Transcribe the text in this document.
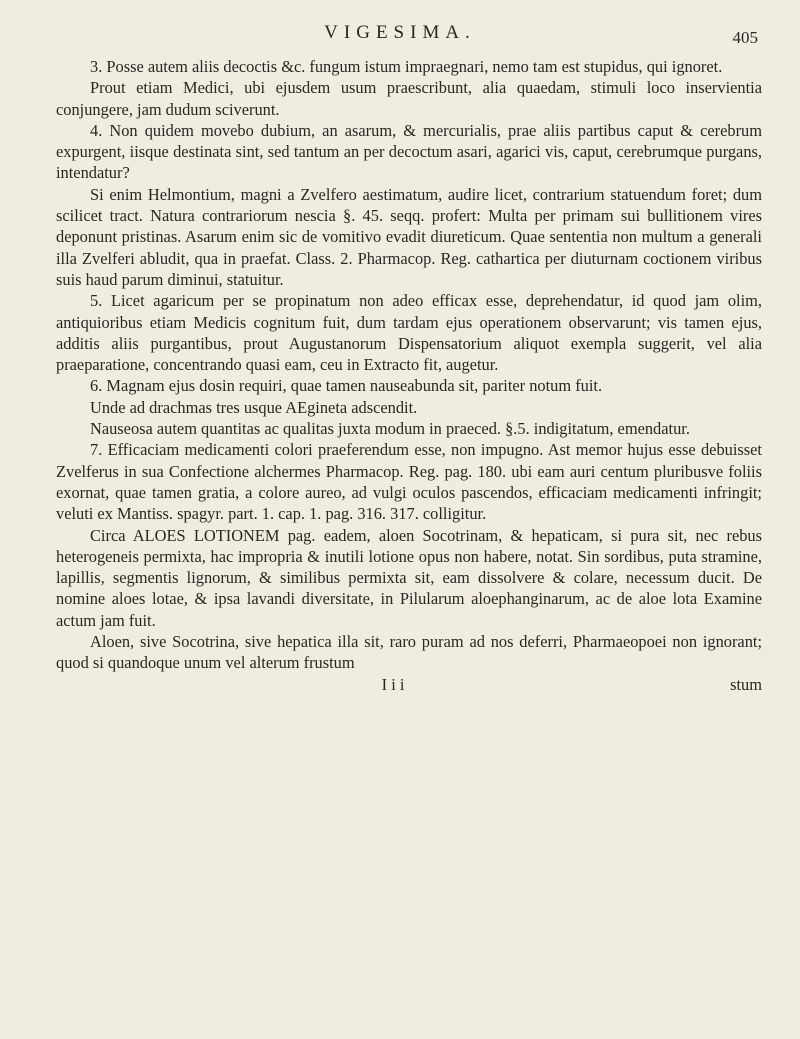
VIGESIMA.	405

3. Posse autem aliis decoctis &c. fungum istum impraegnari, nemo tam est stupidus, qui ignoret.

Prout etiam Medici, ubi ejusdem usum praescribunt, alia quaedam, stimuli loco inservientia conjungere, jam dudum sciverunt.

4. Non quidem movebo dubium, an asarum, & mercurialis, prae aliis partibus caput & cerebrum expurgent, iisque destinata sint, sed tantum an per decoctum asari, agarici vis, caput, cerebrumque purgans, intendatur?

Si enim Helmontium, magni a Zvelfero aestimatum, audire licet, contrarium statuendum foret; dum scilicet tract. Natura contrariorum nescia §. 45. seqq. profert: Multa per primam sui bullitionem vires deponunt pristinas. Asarum enim sic de vomitivo evadit diureticum. Quae sententia non multum a generali illa Zvelferi abludit, qua in praefat. Class. 2. Pharmacop. Reg. cathartica per diuturnam coctionem viribus suis haud parum diminui, statuitur.

5. Licet agaricum per se propinatum non adeo efficax esse, deprehendatur, id quod jam olim, antiquioribus etiam Medicis cognitum fuit, dum tardam ejus operationem observarunt; vis tamen ejus, additis aliis purgantibus, prout Augustanorum Dispensatorium aliquot exempla suggerit, vel alia praeparatione, concentrando quasi eam, ceu in Extracto fit, augetur.

6. Magnam ejus dosin requiri, quae tamen nauseabunda sit, pariter notum fuit.

Unde ad drachmas tres usque AEgineta adscendit.

Nauseosa autem quantitas ac qualitas juxta modum in praeced. §.5. indigitatum, emendatur.

7. Efficaciam medicamenti colori praeferendum esse, non impugno. Ast memor hujus esse debuisset Zvelferus in sua Confectione alchermes Pharmacop. Reg. pag. 180. ubi eam auri centum pluribusve foliis exornat, quae tamen gratia, a colore aureo, ad vulgi oculos pascendos, efficaciam medicamenti infringit; veluti ex Mantiss. spagyr. part. 1. cap. 1. pag. 316. 317. colligitur.

Circa ALOES LOTIONEM pag. eadem, aloen Socotrinam, & hepaticam, si pura sit, nec rebus heterogeneis permixta, hac impropria & inutili lotione opus non habere, notat. Sin sordibus, puta stramine, lapillis, segmentis lignorum, & similibus permixta sit, eam dissolvere & colare, necessum ducit. De nomine aloes lotae, & ipsa lavandi diversitate, in Pilularum aloephanginarum, ac de aloe lota Examine actum jam fuit.

Aloen, sive Socotrina, sive hepatica illa sit, raro puram ad nos deferri, Pharmaeopoei non ignorant; quod si quandoque unum vel alterum frustum

I i i	stum
